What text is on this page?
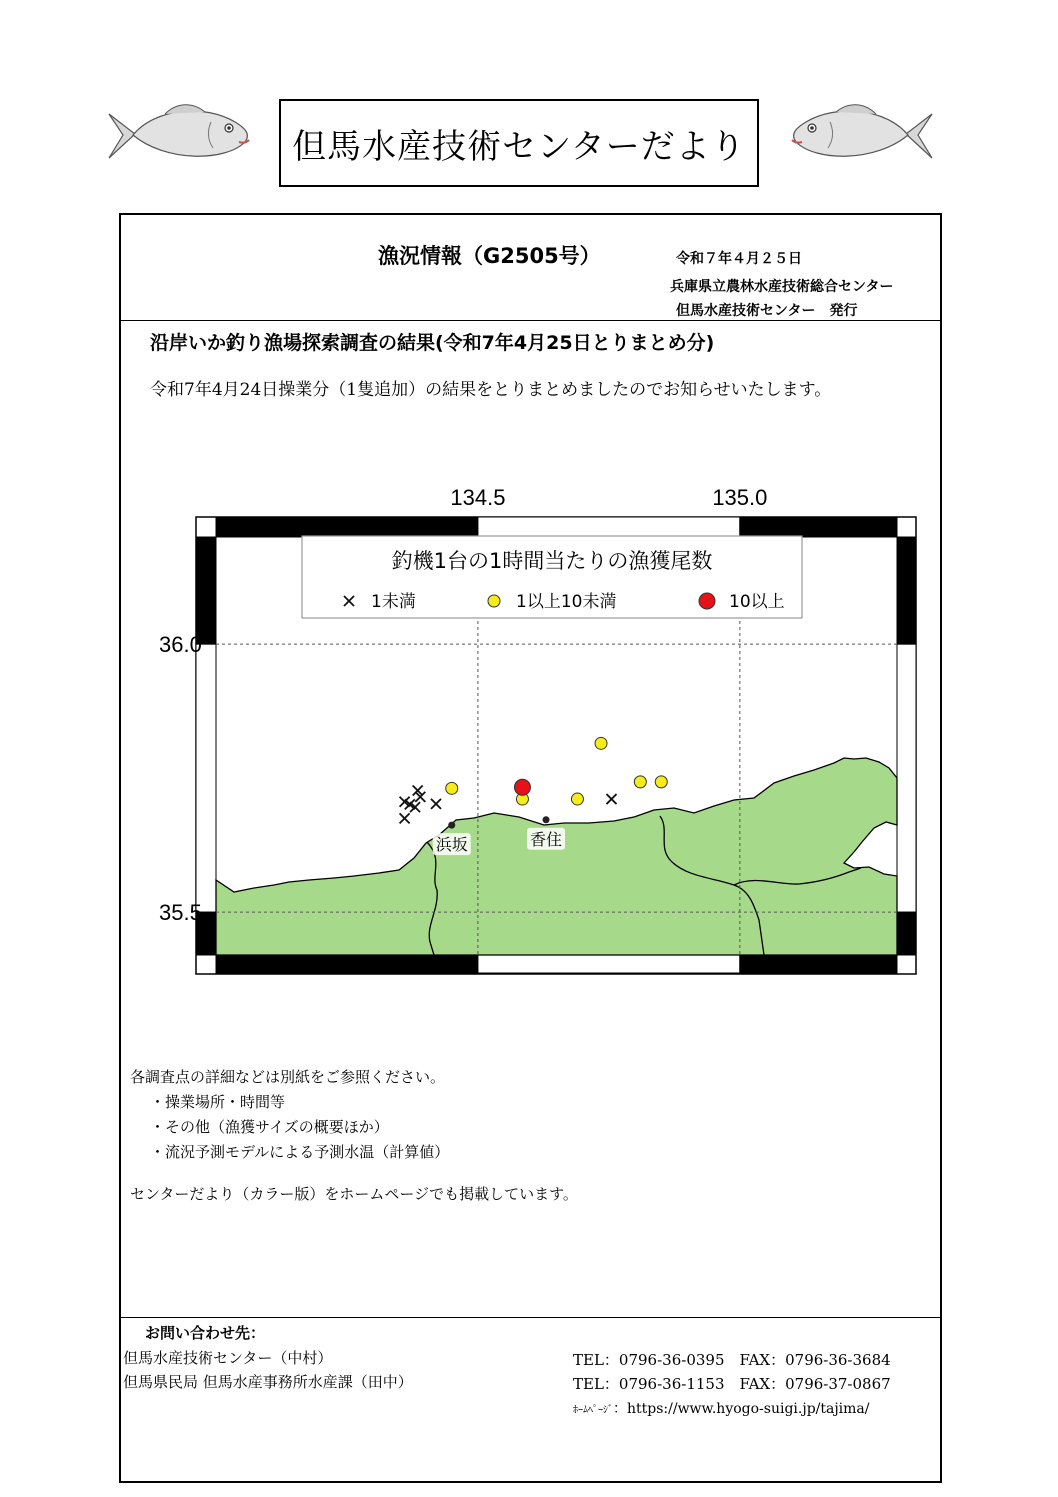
但馬水産技術センターだより
漁況情報（G2505号）	令和７年４月２５日
兵庫県立農林水産技術総合センター
但馬水産技術センター　発行
沿岸いか釣り漁場探索調査の結果(令和7年4月25日とりまとめ分)
令和7年4月24日操業分（1隻追加）の結果をとりまとめましたのでお知らせいたします。
134.5	135.0
36.0
35.5
浜坂	香住
釣機1台の1時間当たりの漁獲尾数
1未満	1以上10未満	10以上
各調査点の詳細などは別紙をご参照ください。
・操業場所・時間等
・その他（漁獲サイズの概要ほか）
・流況予測モデルによる予測水温（計算値）
センターだより（カラー版）をホームページでも掲載しています。
お問い合わせ先：
但馬水産技術センター（中村）
但馬県民局 但馬水産事務所水産課（田中）
TEL：0796-36-0395　FAX：0796-36-3684
TEL：0796-36-1153　FAX：0796-37-0867
ﾎｰﾑﾍﾟｰｼﾞ：https://www.hyogo-suigi.jp/tajima/
